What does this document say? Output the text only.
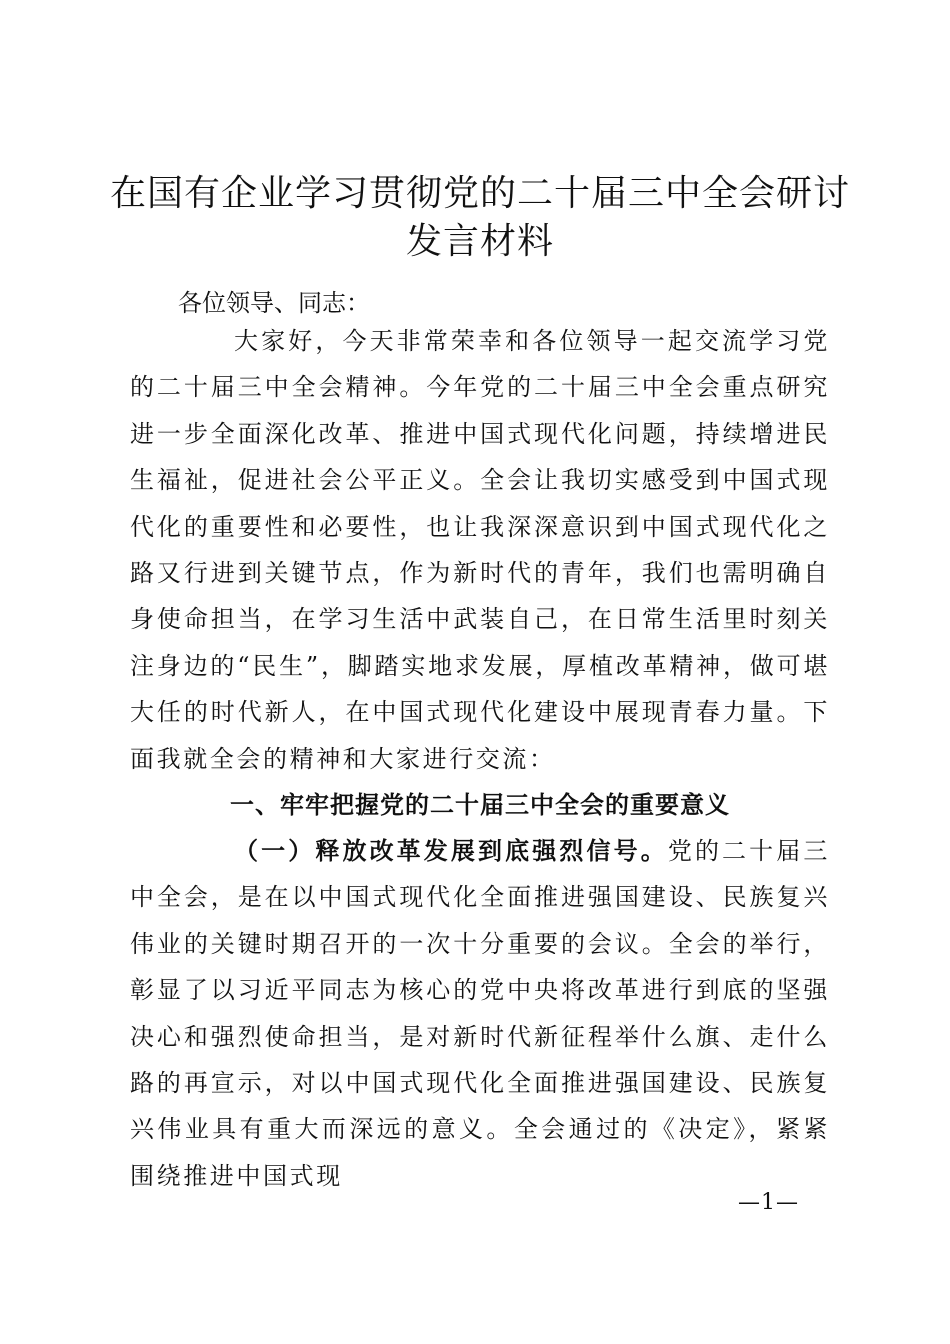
在国有企业学习贯彻党的二十届三中全会研讨发言材料

各位领导、同志：

大家好，今天非常荣幸和各位领导一起交流学习党的二十届三中全会精神。今年党的二十届三中全会重点研究进一步全面深化改革、推进中国式现代化问题，持续增进民生福祉，促进社会公平正义。全会让我切实感受到中国式现代化的重要性和必要性，也让我深深意识到中国式现代化之路又行进到关键节点，作为新时代的青年，我们也需明确自身使命担当，在学习生活中武装自己，在日常生活里时刻关注身边的“民生”，脚踏实地求发展，厚植改革精神，做可堪大任的时代新人，在中国式现代化建设中展现青春力量。下面我就全会的精神和大家进行交流：

一、牢牢把握党的二十届三中全会的重要意义

（一）释放改革发展到底强烈信号。党的二十届三中全会，是在以中国式现代化全面推进强国建设、民族复兴伟业的关键时期召开的一次十分重要的会议。全会的举行，彰显了以习近平同志为核心的党中央将改革进行到底的坚强决心和强烈使命担当，是对新时代新征程举什么旗、走什么路的再宣示，对以中国式现代化全面推进强国建设、民族复兴伟业具有重大而深远的意义。全会通过的《决定》，紧紧围绕推进中国式现

—1—
